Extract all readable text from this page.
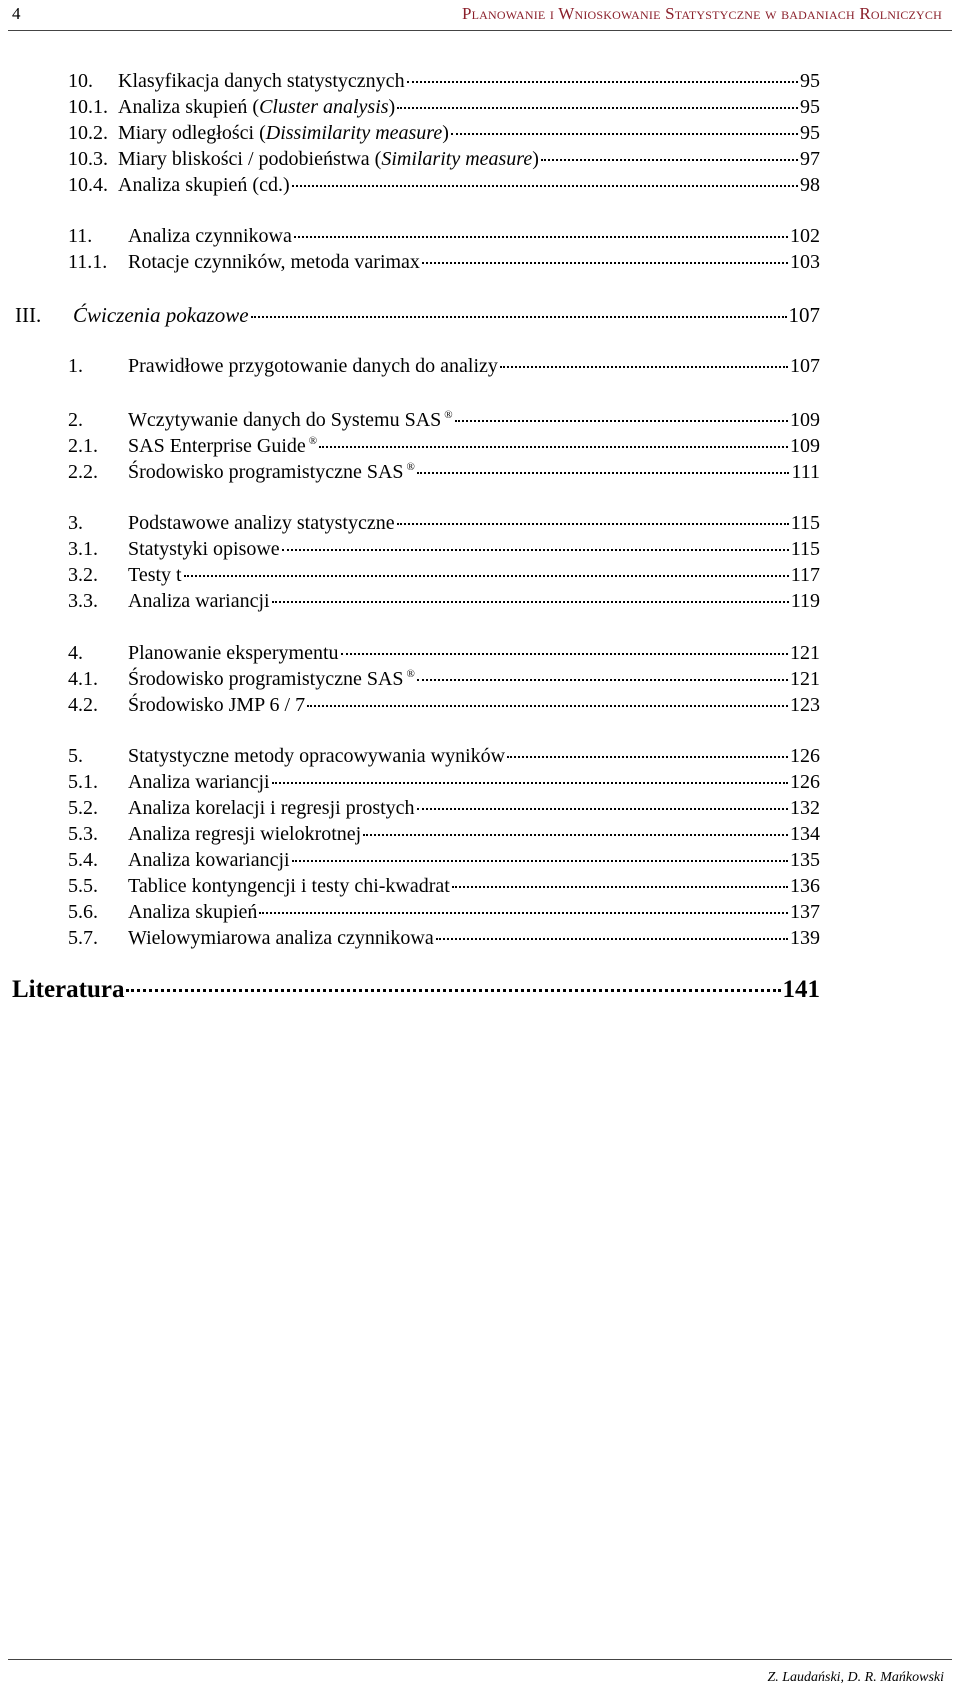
4	Planowanie i Wnioskowanie Statystyczne w badaniach Rolniczych
10.	Klasyfikacja danych statystycznych	95
10.1. Analiza skupień (Cluster analysis)	95
10.2. Miary odległości (Dissimilarity measure)	95
10.3. Miary bliskości / podobieństwa (Similarity measure)	97
10.4. Analiza skupień (cd.)	98
11.	Analiza czynnikowa	102
11.1.	Rotacje czynników, metoda varimax	103
III.	Ćwiczenia pokazowe	107
1.	Prawidłowe przygotowanie danych do analizy	107
2.	Wczytywanie danych do Systemu SAS ®	109
2.1.	SAS Enterprise Guide ®	109
2.2.	Środowisko programistyczne SAS ®	111
3.	Podstawowe analizy statystyczne	115
3.1.	Statystyki opisowe	115
3.2.	Testy t	117
3.3.	Analiza wariancji	119
4.	Planowanie eksperymentu	121
4.1.	Środowisko programistyczne SAS ®	121
4.2.	Środowisko JMP 6 / 7	123
5.	Statystyczne metody opracowywania wyników	126
5.1.	Analiza wariancji	126
5.2.	Analiza korelacji i regresji prostych	132
5.3.	Analiza regresji wielokrotnej	134
5.4.	Analiza kowariancji	135
5.5.	Tablice kontyngencji i testy chi-kwadrat	136
5.6.	Analiza skupień	137
5.7.	Wielowymiarowa analiza czynnikowa	139
Literatura	141
Z. Laudański, D. R. Mańkowski
